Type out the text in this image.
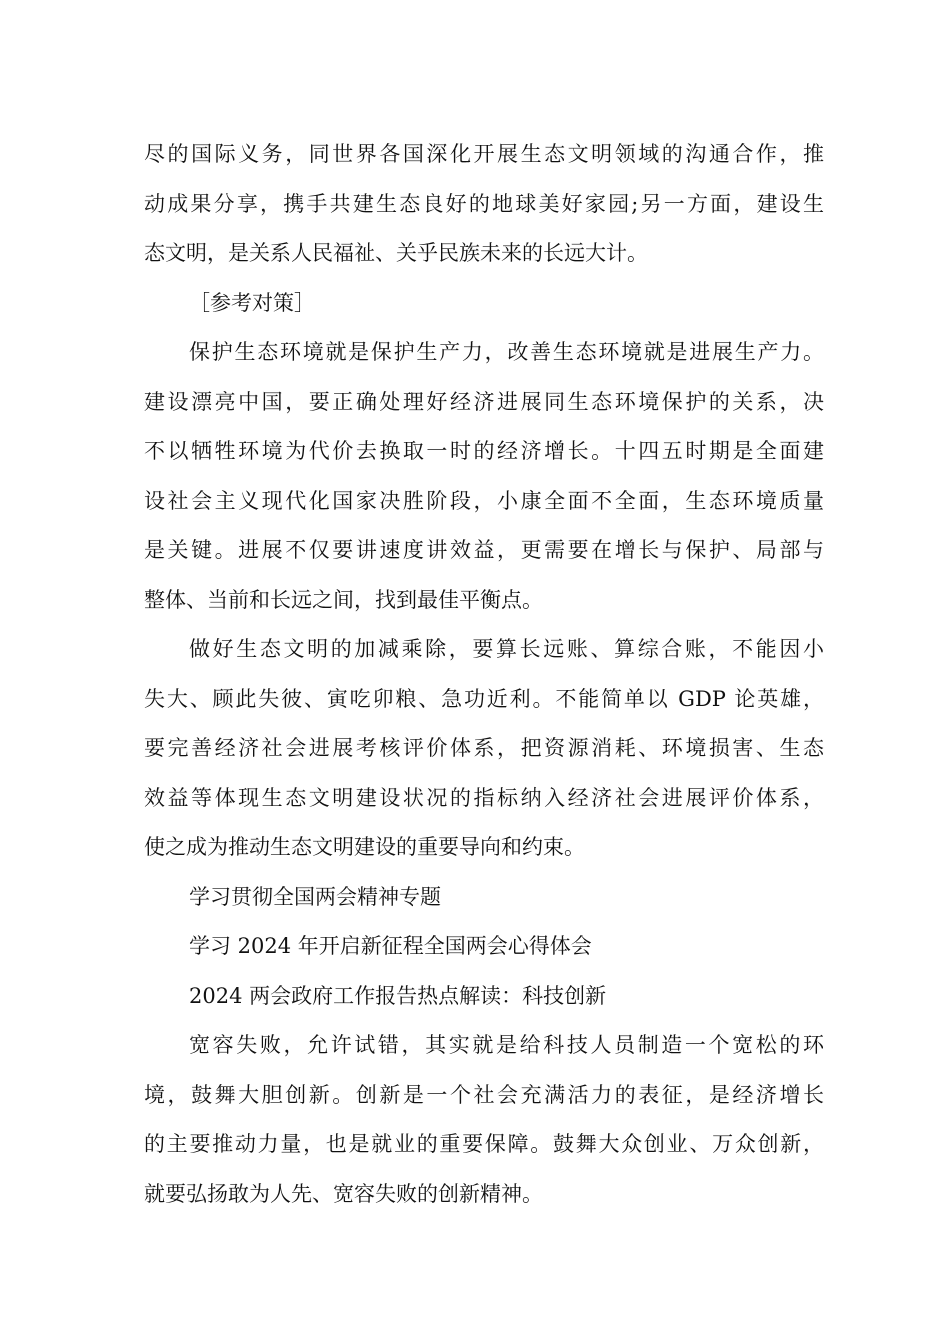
尽的国际义务，同世界各国深化开展生态文明领域的沟通合作，推
动成果分享，携手共建生态良好的地球美好家园;另一方面，建设生
态文明，是关系人民福祉、关乎民族未来的长远大计。

［参考对策］

保护生态环境就是保护生产力，改善生态环境就是进展生产力。
建设漂亮中国，要正确处理好经济进展同生态环境保护的关系，决
不以牺牲环境为代价去换取一时的经济增长。十四五时期是全面建
设社会主义现代化国家决胜阶段，小康全面不全面，生态环境质量
是关键。进展不仅要讲速度讲效益，更需要在增长与保护、局部与
整体、当前和长远之间，找到最佳平衡点。

做好生态文明的加减乘除，要算长远账、算综合账，不能因小
失大、顾此失彼、寅吃卯粮、急功近利。不能简单以 GDP 论英雄，
要完善经济社会进展考核评价体系，把资源消耗、环境损害、生态
效益等体现生态文明建设状况的指标纳入经济社会进展评价体系，
使之成为推动生态文明建设的重要导向和约束。

学习贯彻全国两会精神专题

学习 2024 年开启新征程全国两会心得体会

2024 两会政府工作报告热点解读：科技创新

宽容失败，允许试错，其实就是给科技人员制造一个宽松的环
境，鼓舞大胆创新。创新是一个社会充满活力的表征，是经济增长
的主要推动力量，也是就业的重要保障。鼓舞大众创业、万众创新，
就要弘扬敢为人先、宽容失败的创新精神。
